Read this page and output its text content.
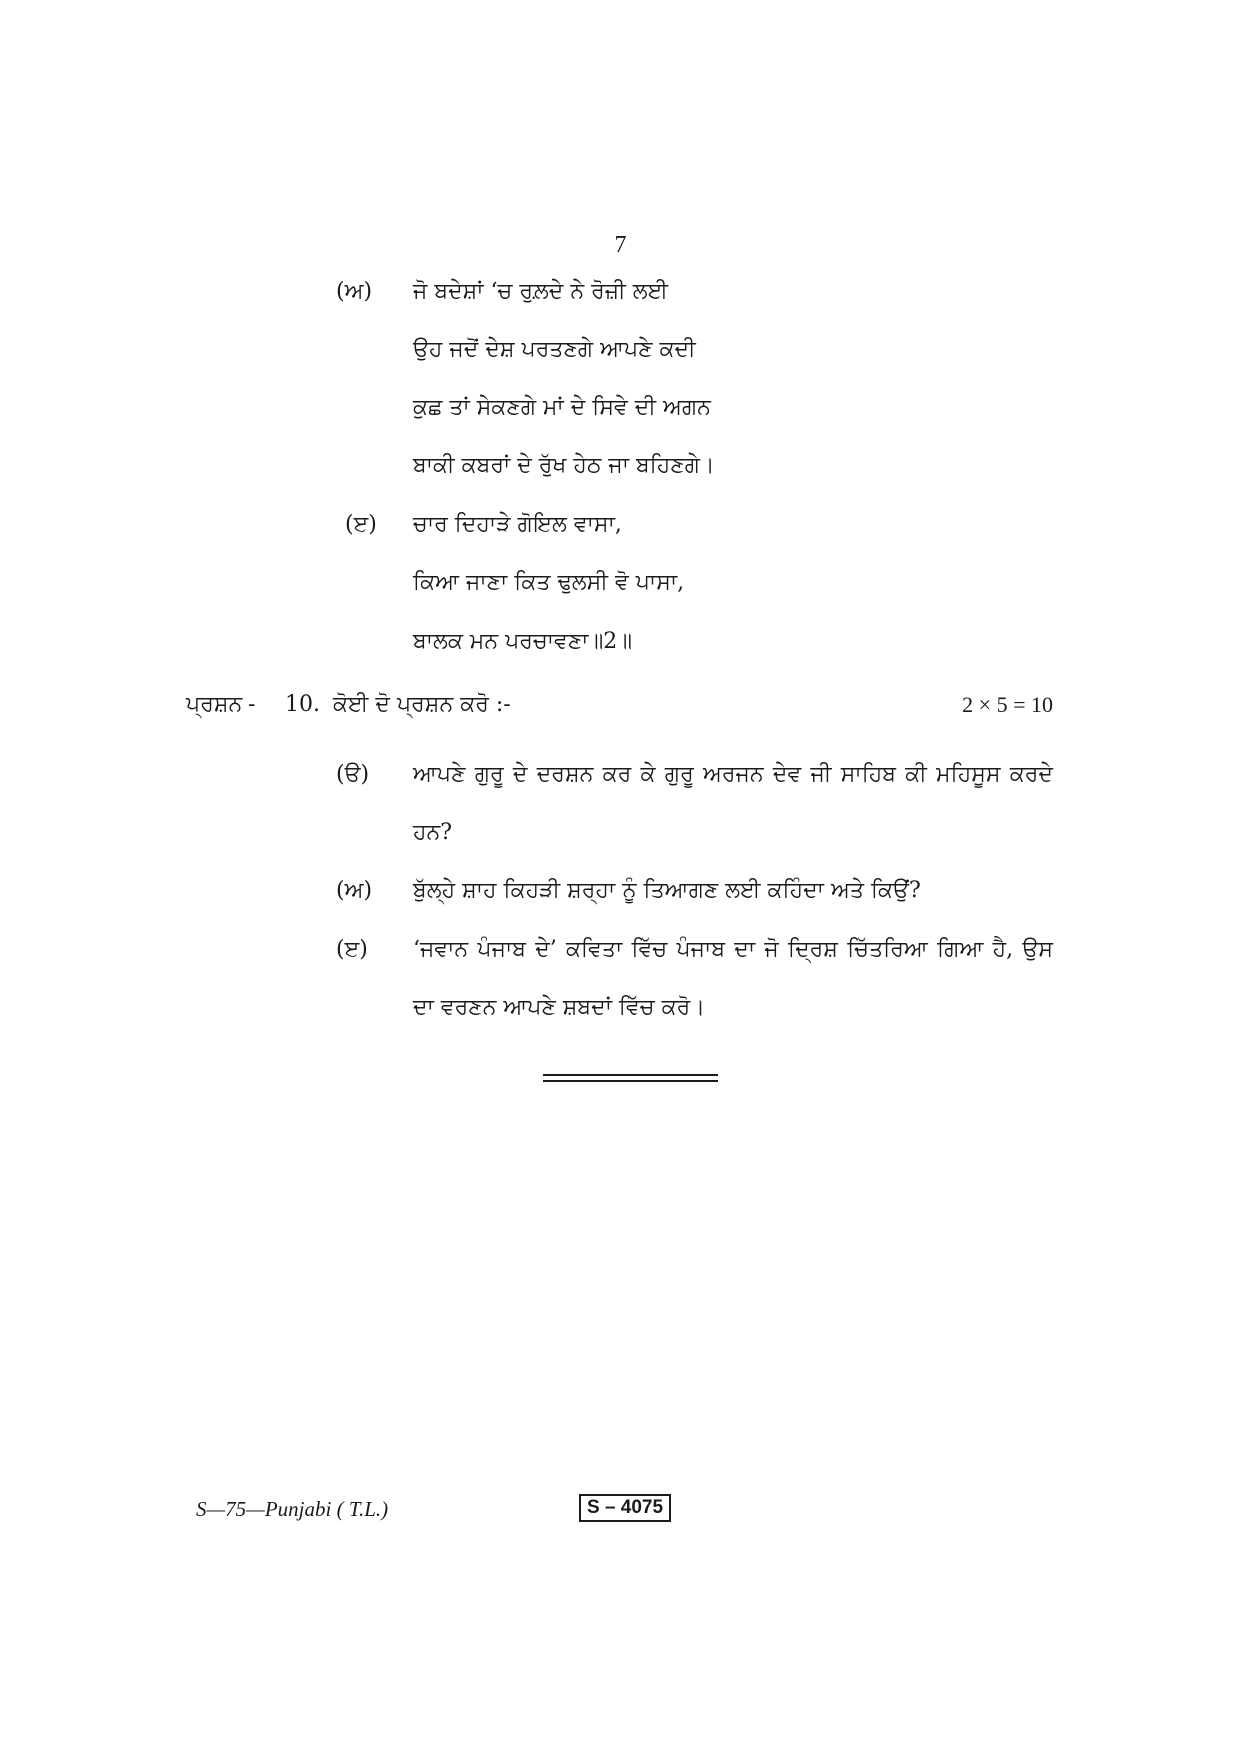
7
(ਅ) ਜੋ ਬਦੇਸ਼ਾਂ ‘ਚ ਰੁਲ਼ਦੇ ਨੇ ਰੋਜ਼ੀ ਲਈ
ਉਹ ਜਦੋਂ ਦੇਸ਼ ਪਰਤਣਗੇ ਆਪਣੇ ਕਦੀ
ਕੁਛ ਤਾਂ ਸੇਕਣਗੇ ਮਾਂ ਦੇ ਸਿਵੇ ਦੀ ਅਗਨ
ਬਾਕੀ ਕਬਰਾਂ ਦੇ ਰੁੱਖ ਹੇਠ ਜਾ ਬਹਿਣਗੇ।
(ੲ) ਚਾਰ ਦਿਹਾੜੇ ਗੋਇਲ ਵਾਸਾ,
ਕਿਆ ਜਾਣਾ ਕਿਤ ਢੁਲਸੀ ਵੋ ਪਾਸਾ,
ਬਾਲਕ ਮਨ ਪਰਚਾਵਣਾ॥2॥
ਪ੍ਰਸ਼ਨ - 10. ਕੋਈ ਦੋ ਪ੍ਰਸ਼ਨ ਕਰੋ :-	2 × 5 = 10
(ੳ) ਆਪਣੇ ਗੁਰੂ ਦੇ ਦਰਸ਼ਨ ਕਰ ਕੇ ਗੁਰੂ ਅਰਜਨ ਦੇਵ ਜੀ ਸਾਹਿਬ ਕੀ ਮਹਿਸੂਸ ਕਰਦੇ
ਹਨ?
(ਅ) ਬੁੱਲ੍ਹੇ ਸ਼ਾਹ ਕਿਹੜੀ ਸ਼ਰ੍ਹਾ ਨੂੰ ਤਿਆਗਣ ਲਈ ਕਹਿੰਦਾ ਅਤੇ ਕਿਉਂ?
(ੲ) ‘ਜਵਾਨ ਪੰਜਾਬ ਦੇ’ ਕਵਿਤਾ ਵਿੱਚ ਪੰਜਾਬ ਦਾ ਜੋ ਦ੍ਰਿਸ਼ ਚਿੱਤਰਿਆ ਗਿਆ ਹੈ, ਉਸ
ਦਾ ਵਰਣਨ ਆਪਣੇ ਸ਼ਬਦਾਂ ਵਿੱਚ ਕਰੋ।
S—75—Punjabi ( T.L.)	S – 4075
